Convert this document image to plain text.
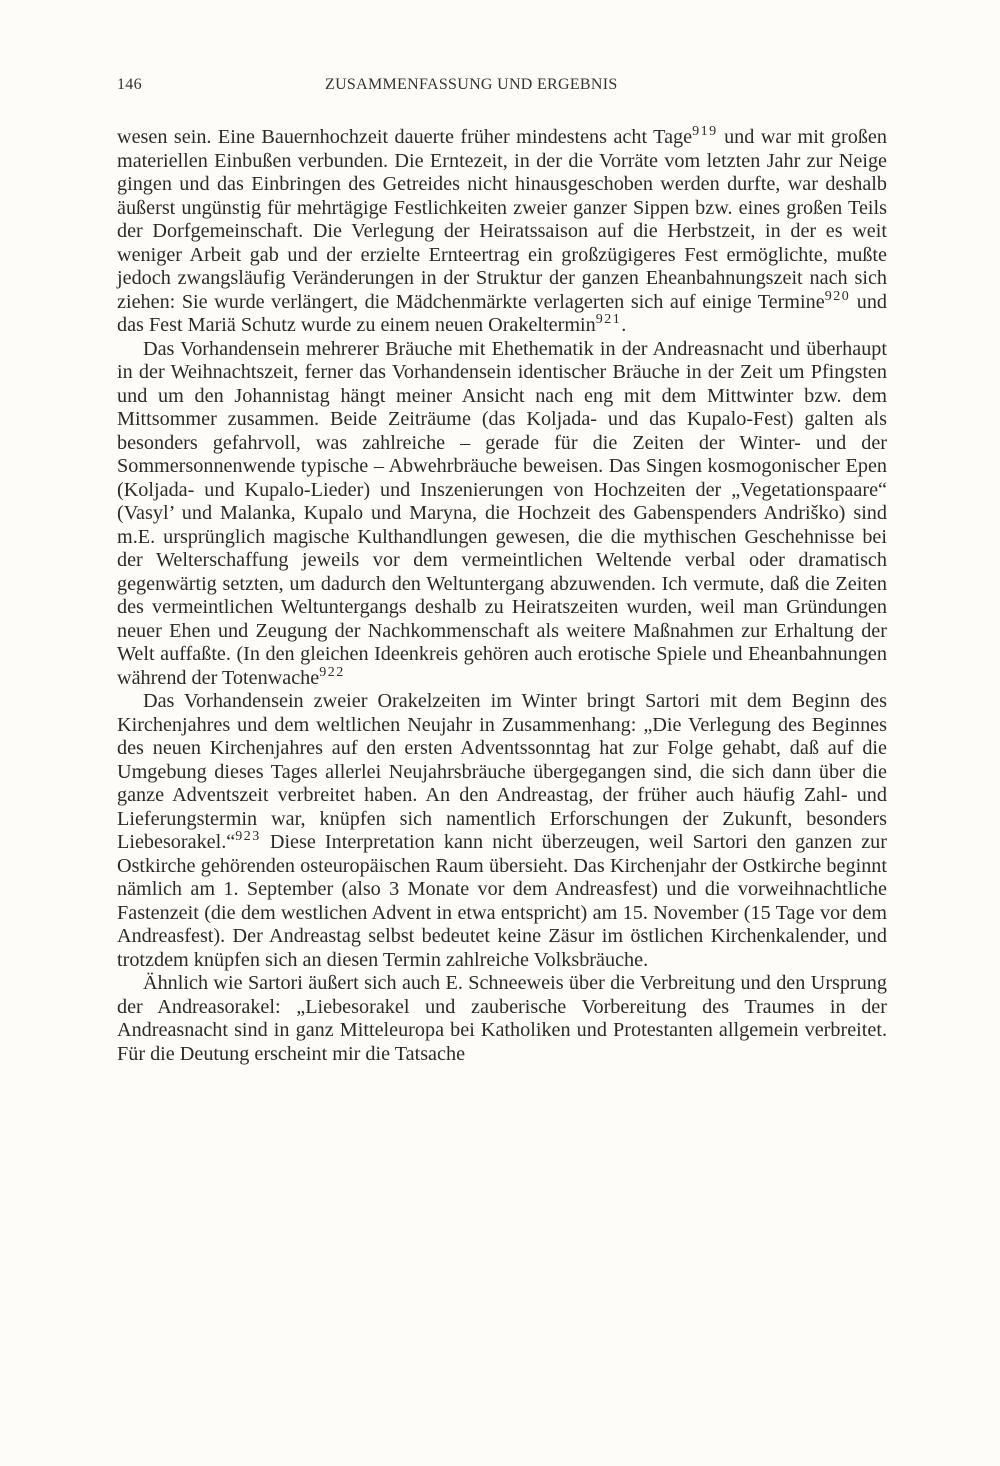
146	ZUSAMMENFASSUNG UND ERGEBNIS

wesen sein. Eine Bauernhochzeit dauerte früher mindestens acht Tage$^{919}$ und war mit großen materiellen Einbußen verbunden. Die Erntezeit, in der die Vorräte vom letzten Jahr zur Neige gingen und das Einbringen des Getreides nicht hinausgeschoben werden durfte, war deshalb äußerst ungünstig für mehrtägige Festlichkeiten zweier ganzer Sippen bzw. eines großen Teils der Dorfgemeinschaft. Die Verlegung der Heiratssaison auf die Herbstzeit, in der es weit weniger Arbeit gab und der erzielte Ernteertrag ein großzügigeres Fest ermöglichte, mußte jedoch zwangsläufig Veränderungen in der Struktur der ganzen Eheanbahnungszeit nach sich ziehen: Sie wurde verlängert, die Mädchenmärkte verlagerten sich auf einige Termine$^{920}$ und das Fest Mariä Schutz wurde zu einem neuen Orakeltermin$^{921}$.

Das Vorhandensein mehrerer Bräuche mit Ehethematik in der Andreasnacht und überhaupt in der Weihnachtszeit, ferner das Vorhandensein identischer Bräuche in der Zeit um Pfingsten und um den Johannistag hängt meiner Ansicht nach eng mit dem Mittwinter bzw. dem Mittsommer zusammen. Beide Zeiträume (das Koljada- und das Kupalo-Fest) galten als besonders gefahrvoll, was zahlreiche – gerade für die Zeiten der Winter- und der Sommersonnenwende typische – Abwehrbräuche beweisen. Das Singen kosmogonischer Epen (Koljada- und Kupalo-Lieder) und Inszenierungen von Hochzeiten der „Vegetationspaare“ (Vasyl’ und Malanka, Kupalo und Maryna, die Hochzeit des Gabenspenders Andriško) sind m.E. ursprünglich magische Kulthandlungen gewesen, die die mythischen Geschehnisse bei der Welterschaffung jeweils vor dem vermeintlichen Weltende verbal oder dramatisch gegenwärtig setzten, um dadurch den Weltuntergang abzuwenden. Ich vermute, daß die Zeiten des vermeintlichen Weltuntergangs deshalb zu Heiratszeiten wurden, weil man Gründungen neuer Ehen und Zeugung der Nachkommenschaft als weitere Maßnahmen zur Erhaltung der Welt auffaßte. (In den gleichen Ideenkreis gehören auch erotische Spiele und Eheanbahnungen während der Totenwache$^{922}$

Das Vorhandensein zweier Orakelzeiten im Winter bringt Sartori mit dem Beginn des Kirchenjahres und dem weltlichen Neujahr in Zusammenhang: „Die Verlegung des Beginnes des neuen Kirchenjahres auf den ersten Adventssonntag hat zur Folge gehabt, daß auf die Umgebung dieses Tages allerlei Neujahrsbräuche übergegangen sind, die sich dann über die ganze Adventszeit verbreitet haben. An den Andreastag, der früher auch häufig Zahl- und Lieferungstermin war, knüpfen sich namentlich Erforschungen der Zukunft, besonders Liebesorakel.“$^{923}$ Diese Interpretation kann nicht überzeugen, weil Sartori den ganzen zur Ostkirche gehörenden osteuropäischen Raum übersieht. Das Kirchenjahr der Ostkirche beginnt nämlich am 1. September (also 3 Monate vor dem Andreasfest) und die vorweihnachtliche Fastenzeit (die dem westlichen Advent in etwa entspricht) am 15. November (15 Tage vor dem Andreasfest). Der Andreastag selbst bedeutet keine Zäsur im östlichen Kirchenkalender, und trotzdem knüpfen sich an diesen Termin zahlreiche Volksbräuche.

Ähnlich wie Sartori äußert sich auch E. Schneeweis über die Verbreitung und den Ursprung der Andreasorakel: „Liebesorakel und zauberische Vorbereitung des Traumes in der Andreasnacht sind in ganz Mitteleuropa bei Katholiken und Protestanten allgemein verbreitet. Für die Deutung erscheint mir die Tatsache
